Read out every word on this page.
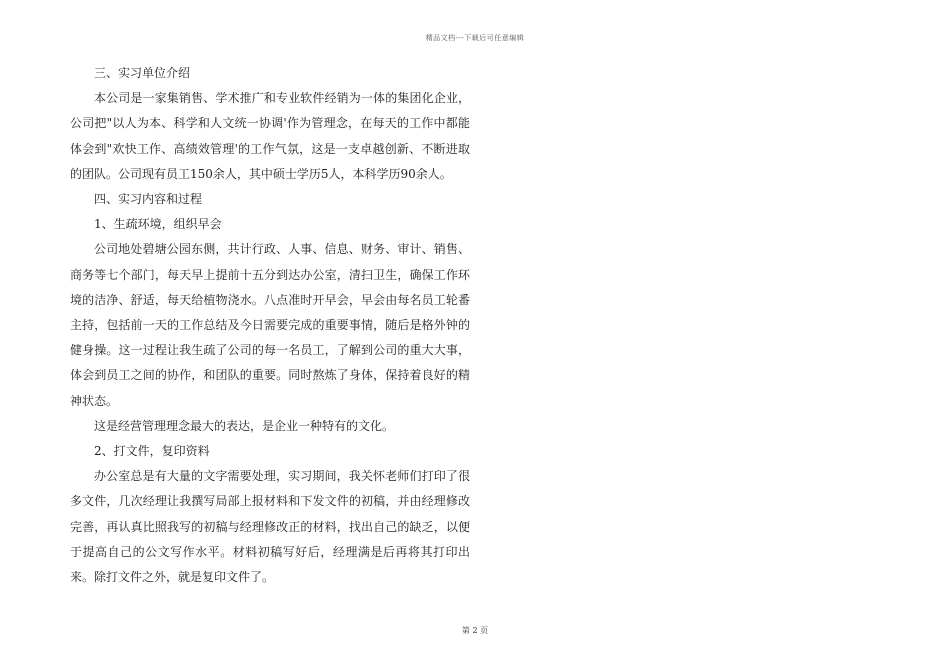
精品文档---下载后可任意编辑

三、实习单位介绍

本公司是一家集销售、学术推广和专业软件经销为一体的集团化企业，公司把"以人为本、科学和人文统一协调'作为管理念，在每天的工作中都能体会到"欢快工作、高绩效管理'的工作气氛，这是一支卓越创新、不断进取的团队。公司现有员工150余人，其中硕士学历5人，本科学历90余人。

四、实习内容和过程

1、生疏环境，组织早会

公司地处碧塘公园东侧，共计行政、人事、信息、财务、审计、销售、商务等七个部门，每天早上提前十五分到达办公室，清扫卫生，确保工作环境的洁净、舒适，每天给植物浇水。八点准时开早会，早会由每名员工轮番主持，包括前一天的工作总结及今日需要完成的重要事情，随后是格外钟的健身操。这一过程让我生疏了公司的每一名员工，了解到公司的重大大事，体会到员工之间的协作，和团队的重要。同时熬炼了身体，保持着良好的精神状态。

这是经营管理理念最大的表达，是企业一种特有的文化。

2、打文件，复印资料

办公室总是有大量的文字需要处理，实习期间，我关怀老师们打印了很多文件，几次经理让我撰写局部上报材料和下发文件的初稿，并由经理修改完善，再认真比照我写的初稿与经理修改正的材料，找出自己的缺乏，以便于提高自己的公文写作水平。材料初稿写好后，经理满是后再将其打印出来。除打文件之外，就是复印文件了。

第 2 页
